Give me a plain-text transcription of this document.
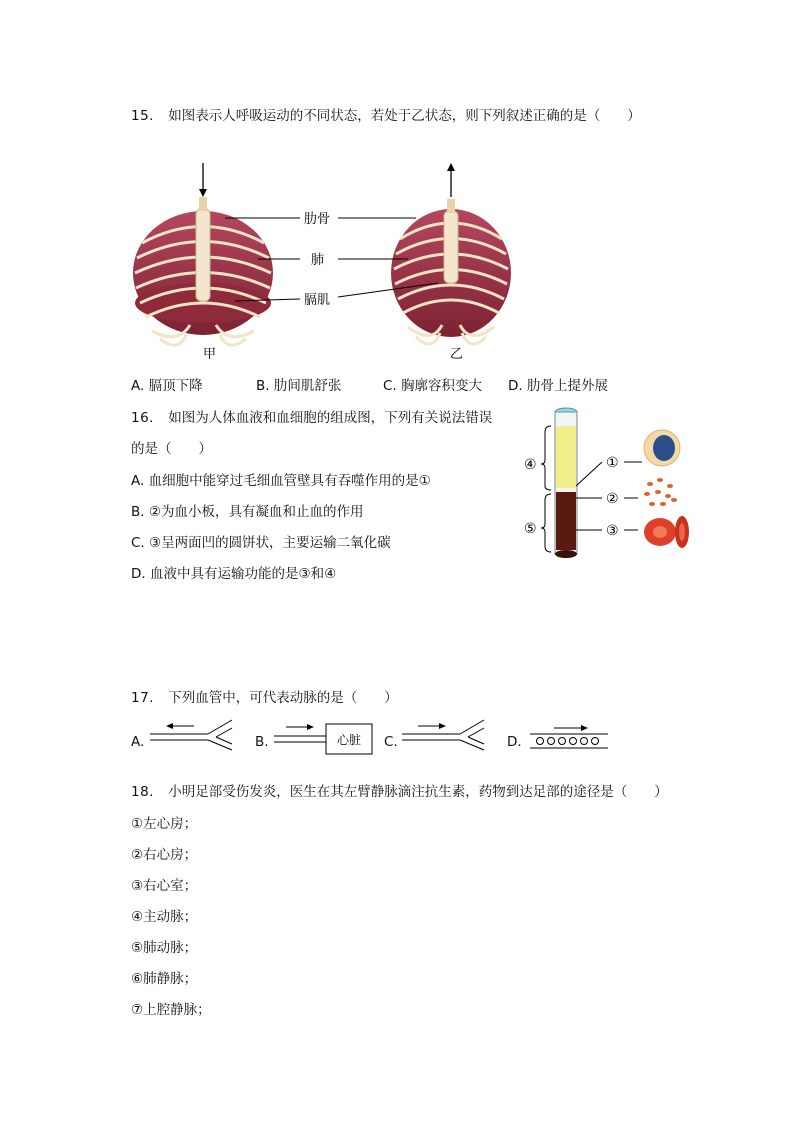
15. 如图表示人呼吸运动的不同状态，若处于乙状态，则下列叙述正确的是（　　）
肋骨
肺
膈肌
甲	乙
A. 膈顶下降	B. 肋间肌舒张	C. 胸廓容积变大 D. 肋骨上提外展
16. 如图为人体血液和血细胞的组成图，下列有关说法错误
的是（　　）
A. 血细胞中能穿过毛细血管壁具有吞噬作用的是①
B. ②为血小板，具有凝血和止血的作用
C. ③呈两面凹的圆饼状，主要运输二氧化碳
D. 血液中具有运输功能的是③和④
④
⑤
①
②
③
17. 下列血管中，可代表动脉的是（　　）
A.	B.	心脏 C.	D.
18. 小明足部受伤发炎，医生在其左臂静脉滴注抗生素，药物到达足部的途径是（　　）
①左心房；
②右心房；
③右心室；
④主动脉；
⑤肺动脉；
⑥肺静脉；
⑦上腔静脉；
